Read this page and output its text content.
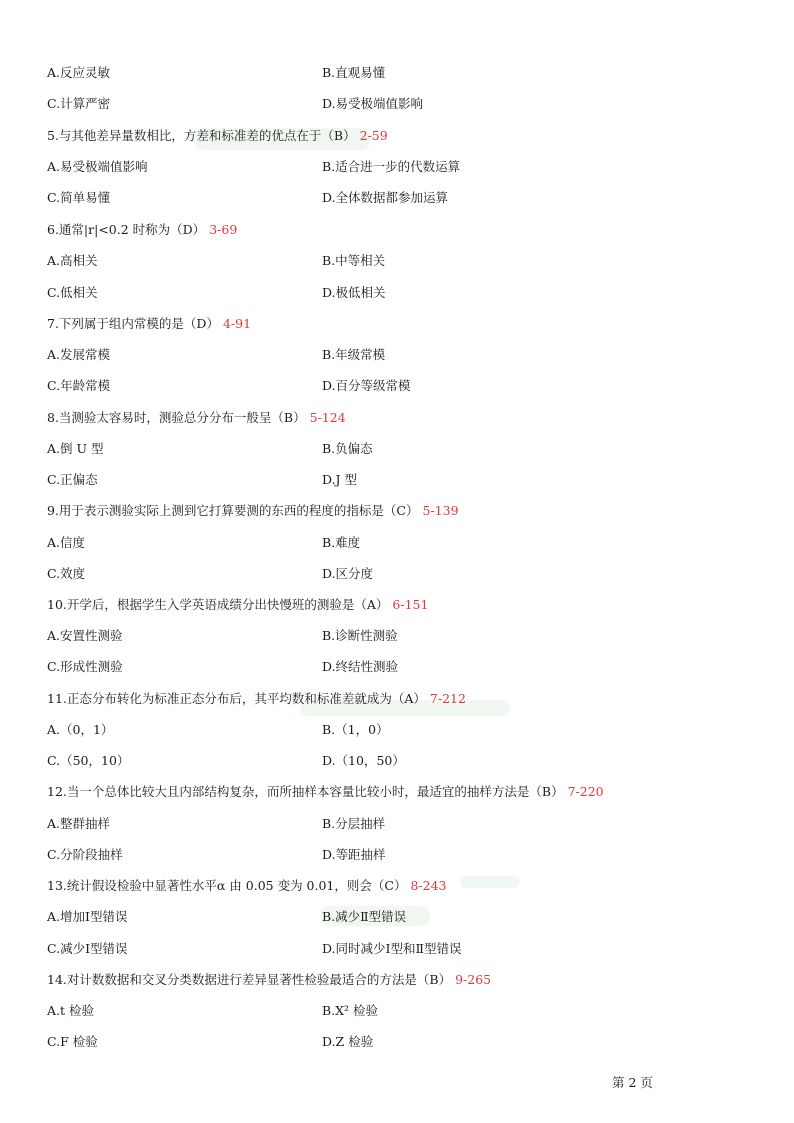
A.反应灵敏	B.直观易懂
C.计算严密	D.易受极端值影响
5.与其他差异量数相比，方差和标准差的优点在于（B） 2-59
A.易受极端值影响	B.适合进一步的代数运算
C.简单易懂	D.全体数据都参加运算
6.通常|r|<0.2 时称为（D） 3-69
A.高相关	B.中等相关
C.低相关	D.极低相关
7.下列属于组内常模的是（D） 4-91
A.发展常模	B.年级常模
C.年龄常模	D.百分等级常模
8.当测验太容易时，测验总分分布一般呈（B） 5-124
A.倒 U 型	B.负偏态
C.正偏态	D.J 型
9.用于表示测验实际上测到它打算要测的东西的程度的指标是（C） 5-139
A.信度	B.难度
C.效度	D.区分度
10.开学后，根据学生入学英语成绩分出快慢班的测验是（A） 6-151
A.安置性测验	B.诊断性测验
C.形成性测验	D.终结性测验
11.正态分布转化为标准正态分布后，其平均数和标准差就成为（A） 7-212
A.（0，1）	B.（1，0）
C.（50，10）	D.（10，50）
12.当一个总体比较大且内部结构复杂，而所抽样本容量比较小时，最适宜的抽样方法是（B） 7-220
A.整群抽样	B.分层抽样
C.分阶段抽样	D.等距抽样
13.统计假设检验中显著性水平α 由 0.05 变为 0.01，则会（C） 8-243
A.增加Ⅰ型错误	B.减少Ⅱ型错误
C.减少Ⅰ型错误	D.同时减少Ⅰ型和Ⅱ型错误
14.对计数数据和交叉分类数据进行差异显著性检验最适合的方法是（B） 9-265
A.t 检验	B.X² 检验
C.F 检验	D.Z 检验
第 2 页
